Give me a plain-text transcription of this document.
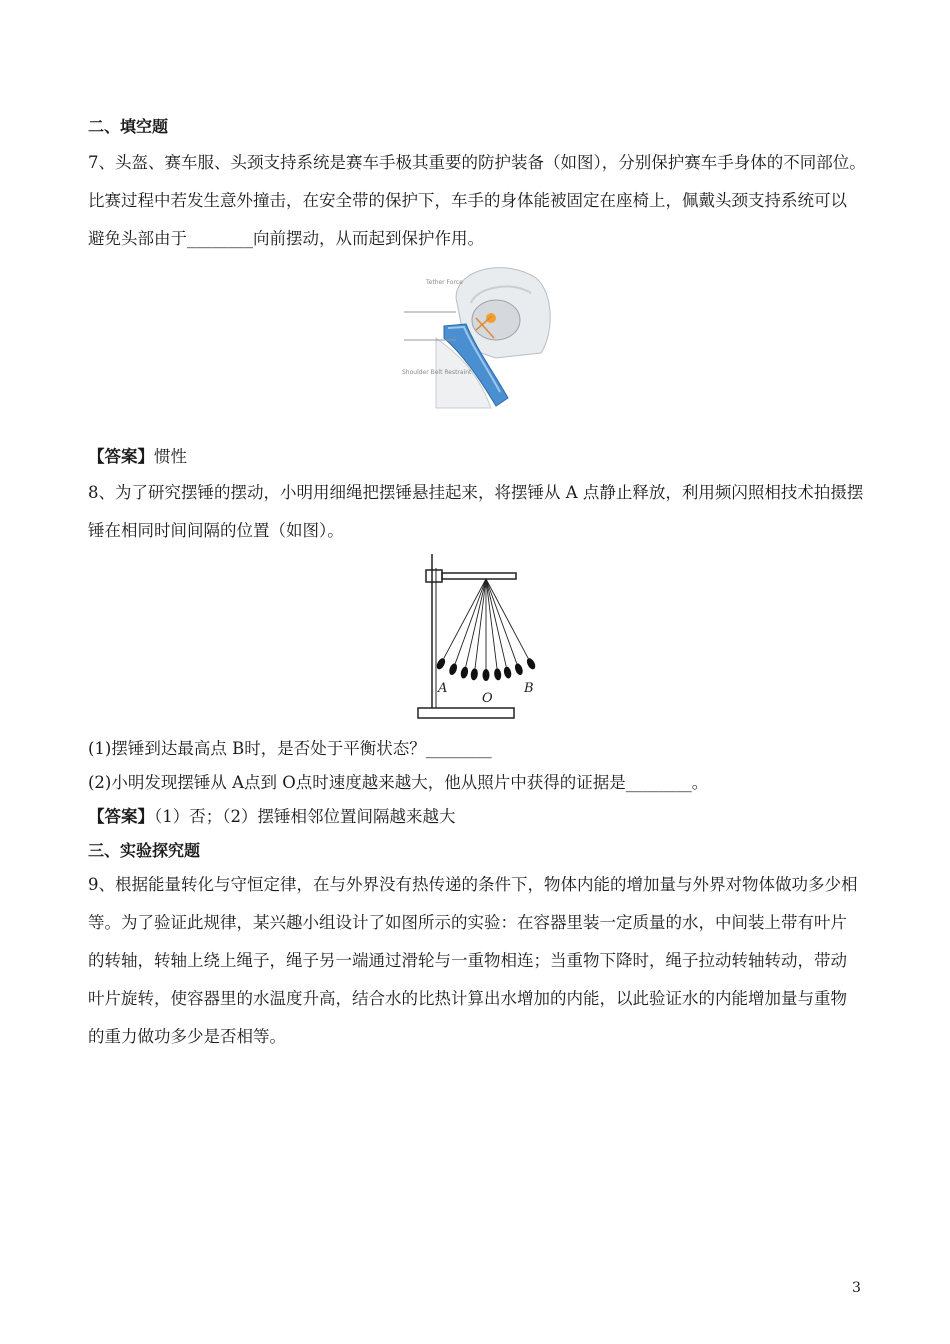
二、填空题
7、头盔、赛车服、头颈支持系统是赛车手极其重要的防护装备（如图），分别保护赛车手身体的不同部位。
比赛过程中若发生意外撞击，在安全带的保护下，车手的身体能被固定在座椅上，佩戴头颈支持系统可以
避免头部由于________向前摆动，从而起到保护作用。
Tether Force
Shoulder Belt Restraint
【答案】惯性
8、为了研究摆锤的摆动，小明用细绳把摆锤悬挂起来，将摆锤从 A 点静止释放，利用频闪照相技术拍摄摆
锤在相同时间间隔的位置（如图）。
A
O
B
(1)摆锤到达最高点 B时，是否处于平衡状态？________
(2)小明发现摆锤从 A点到 O点时速度越来越大，他从照片中获得的证据是________。
【答案】（1）否；（2）摆锤相邻位置间隔越来越大
三、实验探究题
9、根据能量转化与守恒定律，在与外界没有热传递的条件下，物体内能的增加量与外界对物体做功多少相
等。为了验证此规律，某兴趣小组设计了如图所示的实验：在容器里装一定质量的水，中间装上带有叶片
的转轴，转轴上绕上绳子，绳子另一端通过滑轮与一重物相连；当重物下降时，绳子拉动转轴转动，带动
叶片旋转，使容器里的水温度升高，结合水的比热计算出水增加的内能，以此验证水的内能增加量与重物
的重力做功多少是否相等。
3
